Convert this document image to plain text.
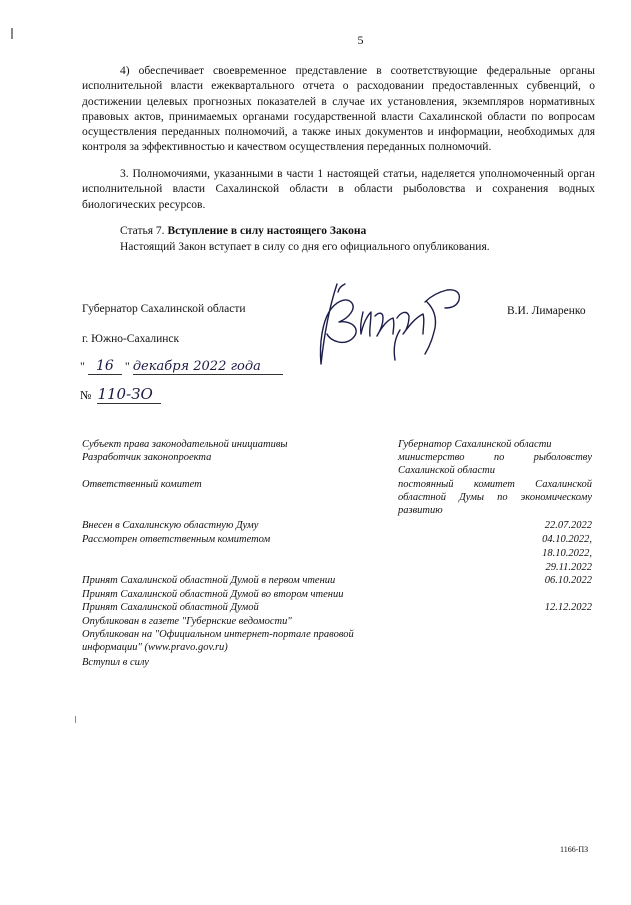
5

4) обеспечивает своевременное представление в соответствующие федеральные органы исполнительной власти ежеквартального отчета о расходовании предоставленных субвенций, о достижении целевых прогнозных показателей в случае их установления, экземпляров нормативных правовых актов, принимаемых органами государственной власти Сахалинской области по вопросам осуществления переданных полномочий, а также иных документов и информации, необходимых для контроля за эффективностью и качеством осуществления переданных полномочий.

3. Полномочиями, указанными в части 1 настоящей статьи, наделяется уполномоченный орган исполнительной власти Сахалинской области в области рыболовства и сохранения водных биологических ресурсов.

Статья 7. Вступление в силу настоящего Закона
Настоящий Закон вступает в силу со дня его официального опубликования.
Губернатор Сахалинской области	В.И. Лимаренко
г. Южно-Сахалинск
" 16 " декабря 2022 года
№ 110-ЗО
Субъект права законодательной инициативы
Разработчик законопроекта
Ответственный комитет
Внесен в Сахалинскую областную Думу
Рассмотрен ответственным комитетом
Принят Сахалинской областной Думой в первом чтении
Принят Сахалинской областной Думой во втором чтении
Принят Сахалинской областной Думой
Опубликован в газете "Губернские ведомости"
Опубликован на "Официальном интернет-портале правовой информации" (www.pravo.gov.ru)
Вступил в силу
Губернатор Сахалинской области
министерство по рыболовству Сахалинской области
постоянный комитет Сахалинской областной Думы по экономическому развитию
22.07.2022
04.10.2022,
18.10.2022,
29.11.2022
06.10.2022
12.12.2022
1166-ПЗ
